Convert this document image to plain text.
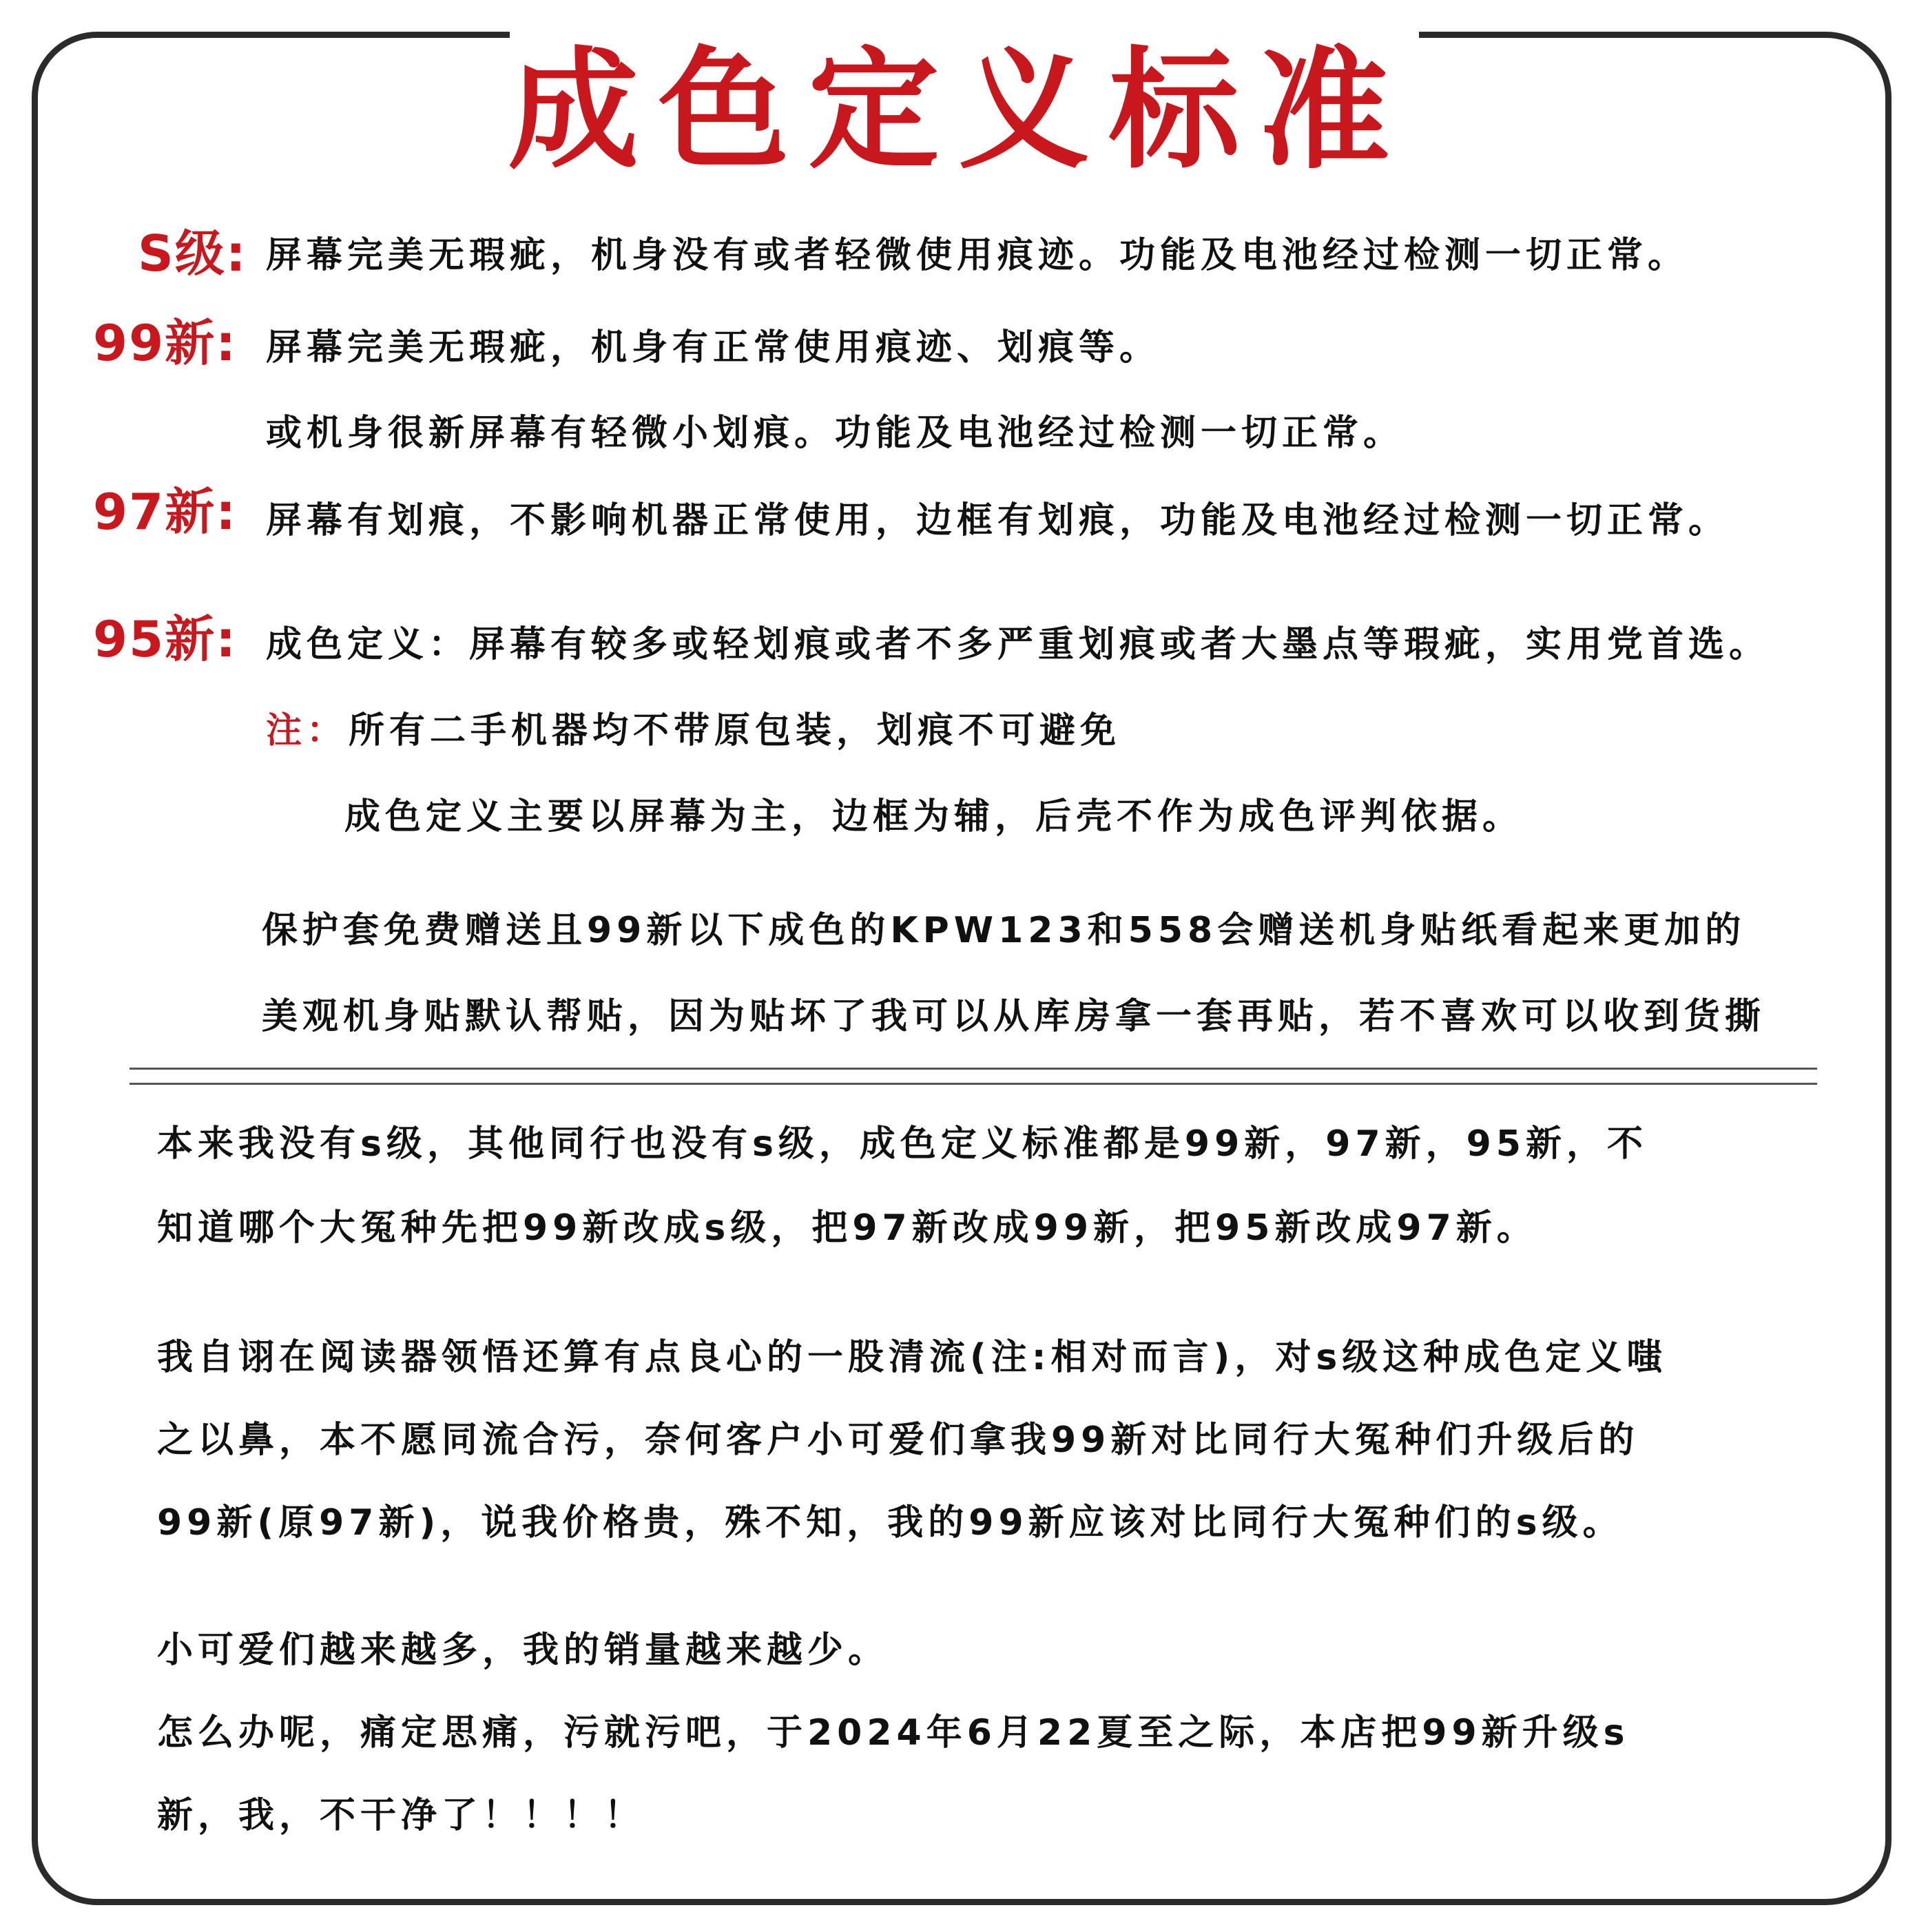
成色定义标准
S级: 屏幕完美无瑕疵，机身没有或者轻微使用痕迹。功能及电池经过检测一切正常。
99新: 屏幕完美无瑕疵，机身有正常使用痕迹、划痕等。
或机身很新屏幕有轻微小划痕。功能及电池经过检测一切正常。
97新: 屏幕有划痕，不影响机器正常使用，边框有划痕，功能及电池经过检测一切正常。
95新: 成色定义：屏幕有较多或轻划痕或者不多严重划痕或者大墨点等瑕疵，实用党首选。
注： 所有二手机器均不带原包装，划痕不可避免
成色定义主要以屏幕为主，边框为辅，后壳不作为成色评判依据。
保护套免费赠送且99新以下成色的KPW123和558会赠送机身贴纸看起来更加的
美观机身贴默认帮贴，因为贴坏了我可以从库房拿一套再贴，若不喜欢可以收到货撕
本来我没有s级，其他同行也没有s级，成色定义标准都是99新，97新，95新，不
知道哪个大冤种先把99新改成s级，把97新改成99新，把95新改成97新。
我自诩在阅读器领悟还算有点良心的一股清流(注:相对而言)，对s级这种成色定义嗤
之以鼻，本不愿同流合污，奈何客户小可爱们拿我99新对比同行大冤种们升级后的
99新(原97新)，说我价格贵，殊不知，我的99新应该对比同行大冤种们的s级。
小可爱们越来越多，我的销量越来越少。
怎么办呢，痛定思痛，污就污吧，于2024年6月22夏至之际，本店把99新升级s
新，我，不干净了！！！！
